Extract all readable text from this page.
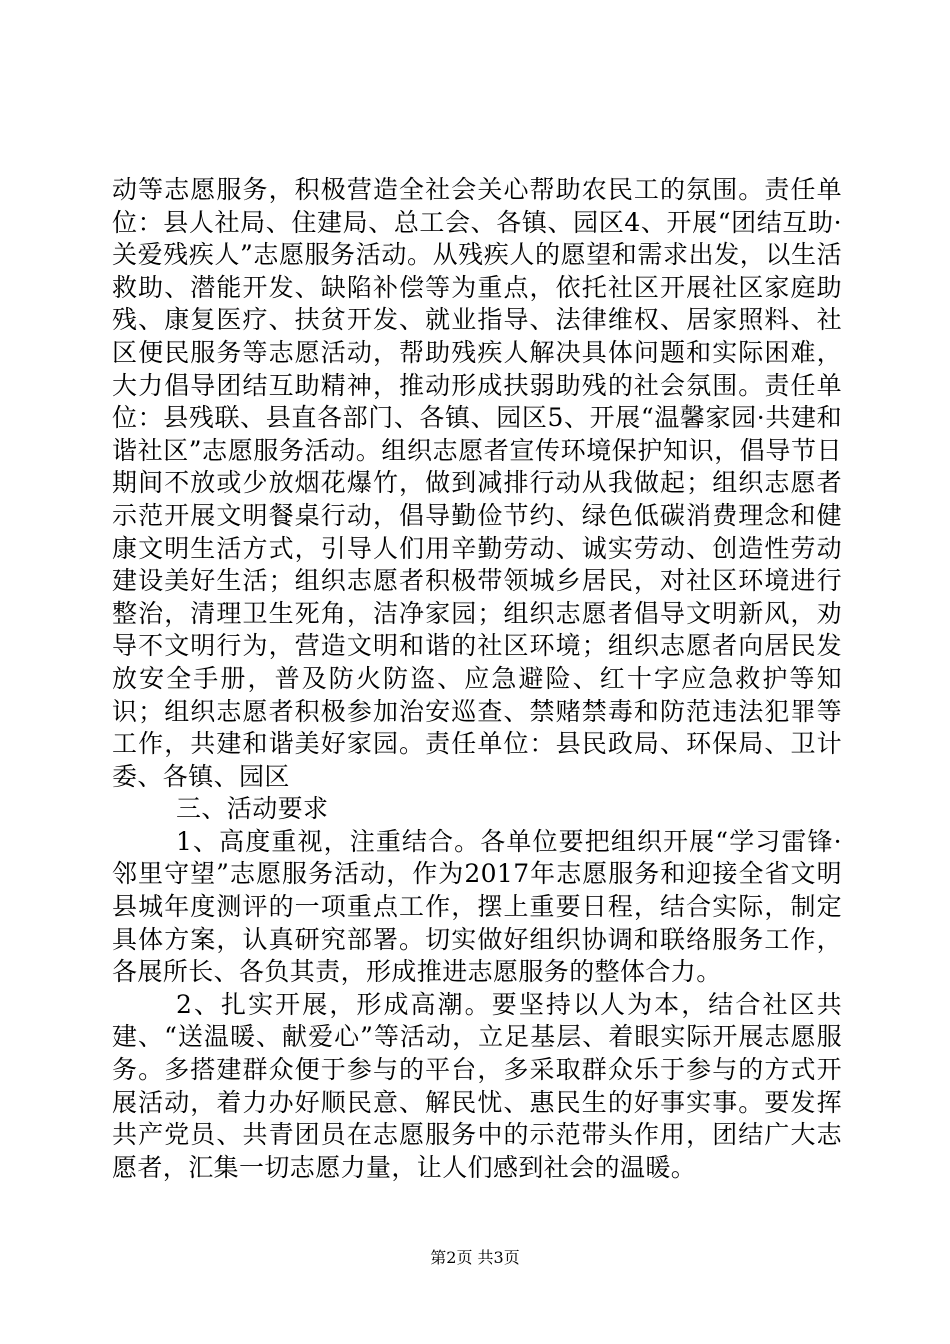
动等志愿服务，积极营造全社会关心帮助农民工的氛围。责任单位：县人社局、住建局、总工会、各镇、园区4、开展“团结互助·关爱残疾人”志愿服务活动。从残疾人的愿望和需求出发，以生活救助、潜能开发、缺陷补偿等为重点，依托社区开展社区家庭助残、康复医疗、扶贫开发、就业指导、法律维权、居家照料、社区便民服务等志愿活动，帮助残疾人解决具体问题和实际困难，大力倡导团结互助精神，推动形成扶弱助残的社会氛围。责任单位：县残联、县直各部门、各镇、园区5、开展“温馨家园·共建和谐社区”志愿服务活动。组织志愿者宣传环境保护知识，倡导节日期间不放或少放烟花爆竹，做到减排行动从我做起；组织志愿者示范开展文明餐桌行动，倡导勤俭节约、绿色低碳消费理念和健康文明生活方式，引导人们用辛勤劳动、诚实劳动、创造性劳动建设美好生活；组织志愿者积极带领城乡居民，对社区环境进行整治，清理卫生死角，洁净家园；组织志愿者倡导文明新风，劝导不文明行为，营造文明和谐的社区环境；组织志愿者向居民发放安全手册，普及防火防盗、应急避险、红十字应急救护等知识；组织志愿者积极参加治安巡查、禁赌禁毒和防范违法犯罪等工作，共建和谐美好家园。责任单位：县民政局、环保局、卫计委、各镇、园区

三、活动要求

1、高度重视，注重结合。各单位要把组织开展“学习雷锋·邻里守望”志愿服务活动，作为2017年志愿服务和迎接全省文明县城年度测评的一项重点工作，摆上重要日程，结合实际，制定具体方案，认真研究部署。切实做好组织协调和联络服务工作，各展所长、各负其责，形成推进志愿服务的整体合力。

2、扎实开展，形成高潮。要坚持以人为本，结合社区共建、“送温暖、献爱心”等活动，立足基层、着眼实际开展志愿服务。多搭建群众便于参与的平台，多采取群众乐于参与的方式开展活动，着力办好顺民意、解民忧、惠民生的好事实事。要发挥共产党员、共青团员在志愿服务中的示范带头作用，团结广大志愿者，汇集一切志愿力量，让人们感到社会的温暖。

第2页 共3页
